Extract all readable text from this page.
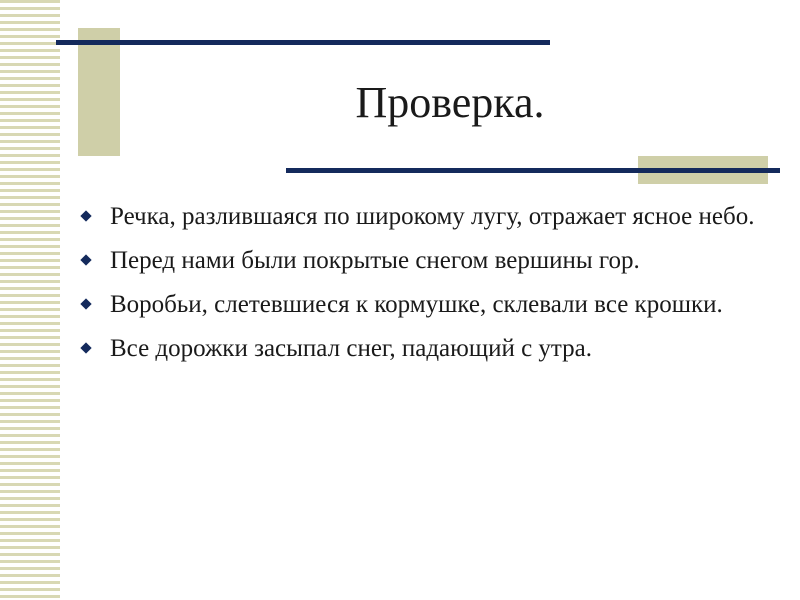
Проверка.
Речка, разлившаяся по широкому лугу, отражает ясное небо.
Перед нами были покрытые снегом вершины гор.
Воробьи, слетевшиеся к кормушке, склевали все крошки.
Все дорожки засыпал снег, падающий с утра.
